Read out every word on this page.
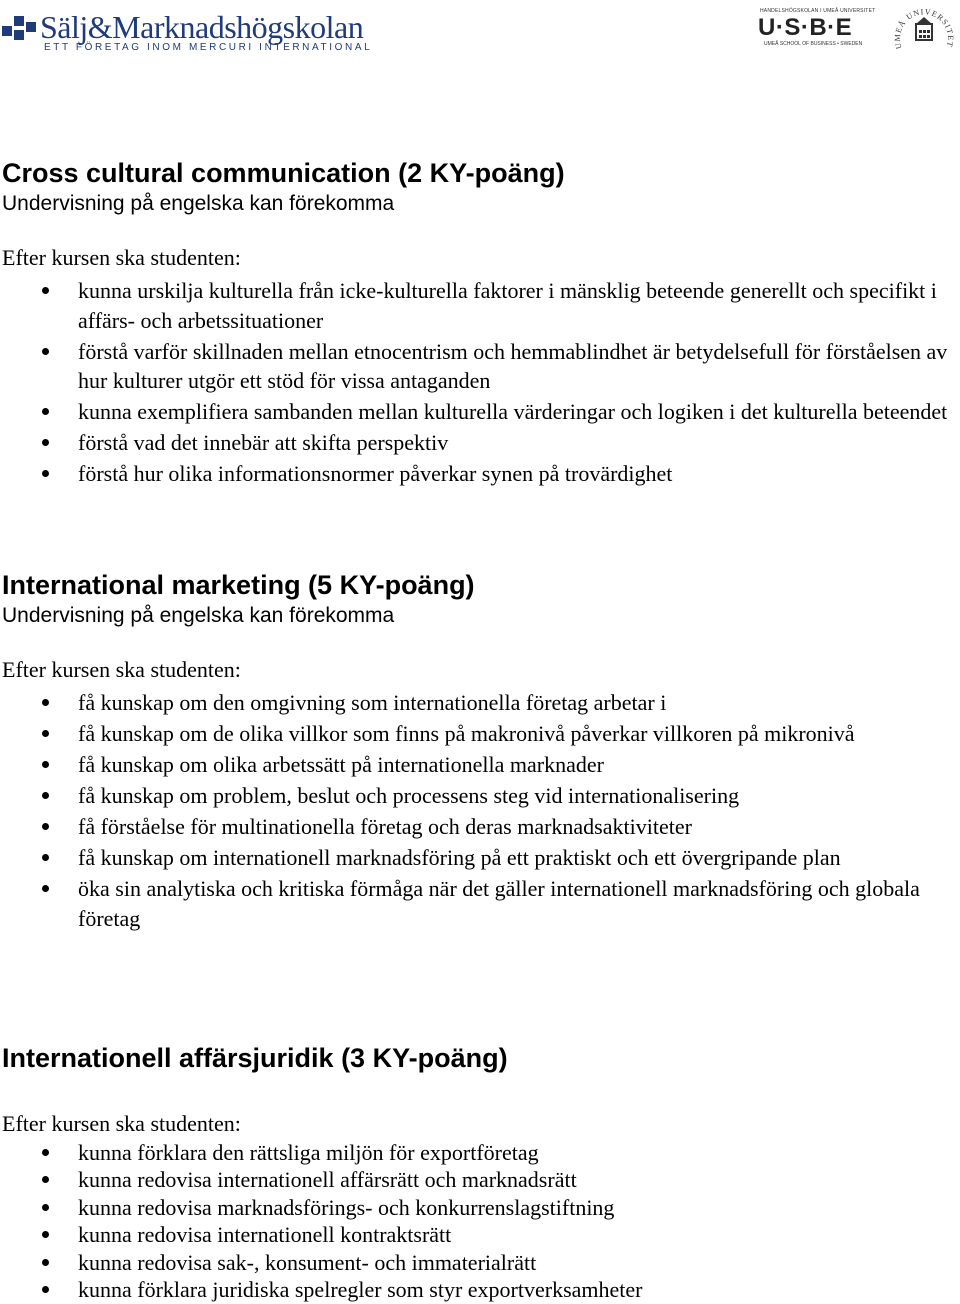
Sälj&Marknadshögskolan
ETT FÖRETAG INOM MERCURI INTERNATIONAL
HANDELSHÖGSKOLAN I UMEÅ UNIVERSITET
U·S·B·E
UMEÅ SCHOOL OF BUSINESS • SWEDEN	U EÅ UNIVERSIT T
Cross cultural communication (2 KY-poäng)
Undervisning på engelska kan förekomma
Efter kursen ska studenten:
kunna urskilja kulturella från icke-kulturella faktorer i mänsklig beteende generellt och specifikt i affärs- och arbetssituationer
förstå varför skillnaden mellan etnocentrism och hemmablindhet är betydelsefull för förståelsen av hur kulturer utgör ett stöd för vissa antaganden
kunna exemplifiera sambanden mellan kulturella värderingar och logiken i det kulturella beteendet
förstå vad det innebär att skifta perspektiv
förstå hur olika informationsnormer påverkar synen på trovärdighet
International marketing (5 KY-poäng)
Undervisning på engelska kan förekomma
Efter kursen ska studenten:
få kunskap om den omgivning som internationella företag arbetar i
få kunskap om de olika villkor som finns på makronivå påverkar villkoren på mikronivå
få kunskap om olika arbetssätt på internationella marknader
få kunskap om problem, beslut och processens steg vid internationalisering
få förståelse för multinationella företag och deras marknadsaktiviteter
få kunskap om internationell marknadsföring på ett praktiskt och ett övergripande plan
öka sin analytiska och kritiska förmåga när det gäller internationell marknadsföring och globala företag
Internationell affärsjuridik (3 KY-poäng)
Efter kursen ska studenten:
kunna förklara den rättsliga miljön för exportföretag
kunna redovisa internationell affärsrätt och marknadsrätt
kunna redovisa marknadsförings- och konkurrenslagstiftning
kunna redovisa internationell kontraktsrätt
kunna redovisa sak-, konsument- och immaterialrätt
kunna förklara juridiska spelregler som styr exportverksamheter
